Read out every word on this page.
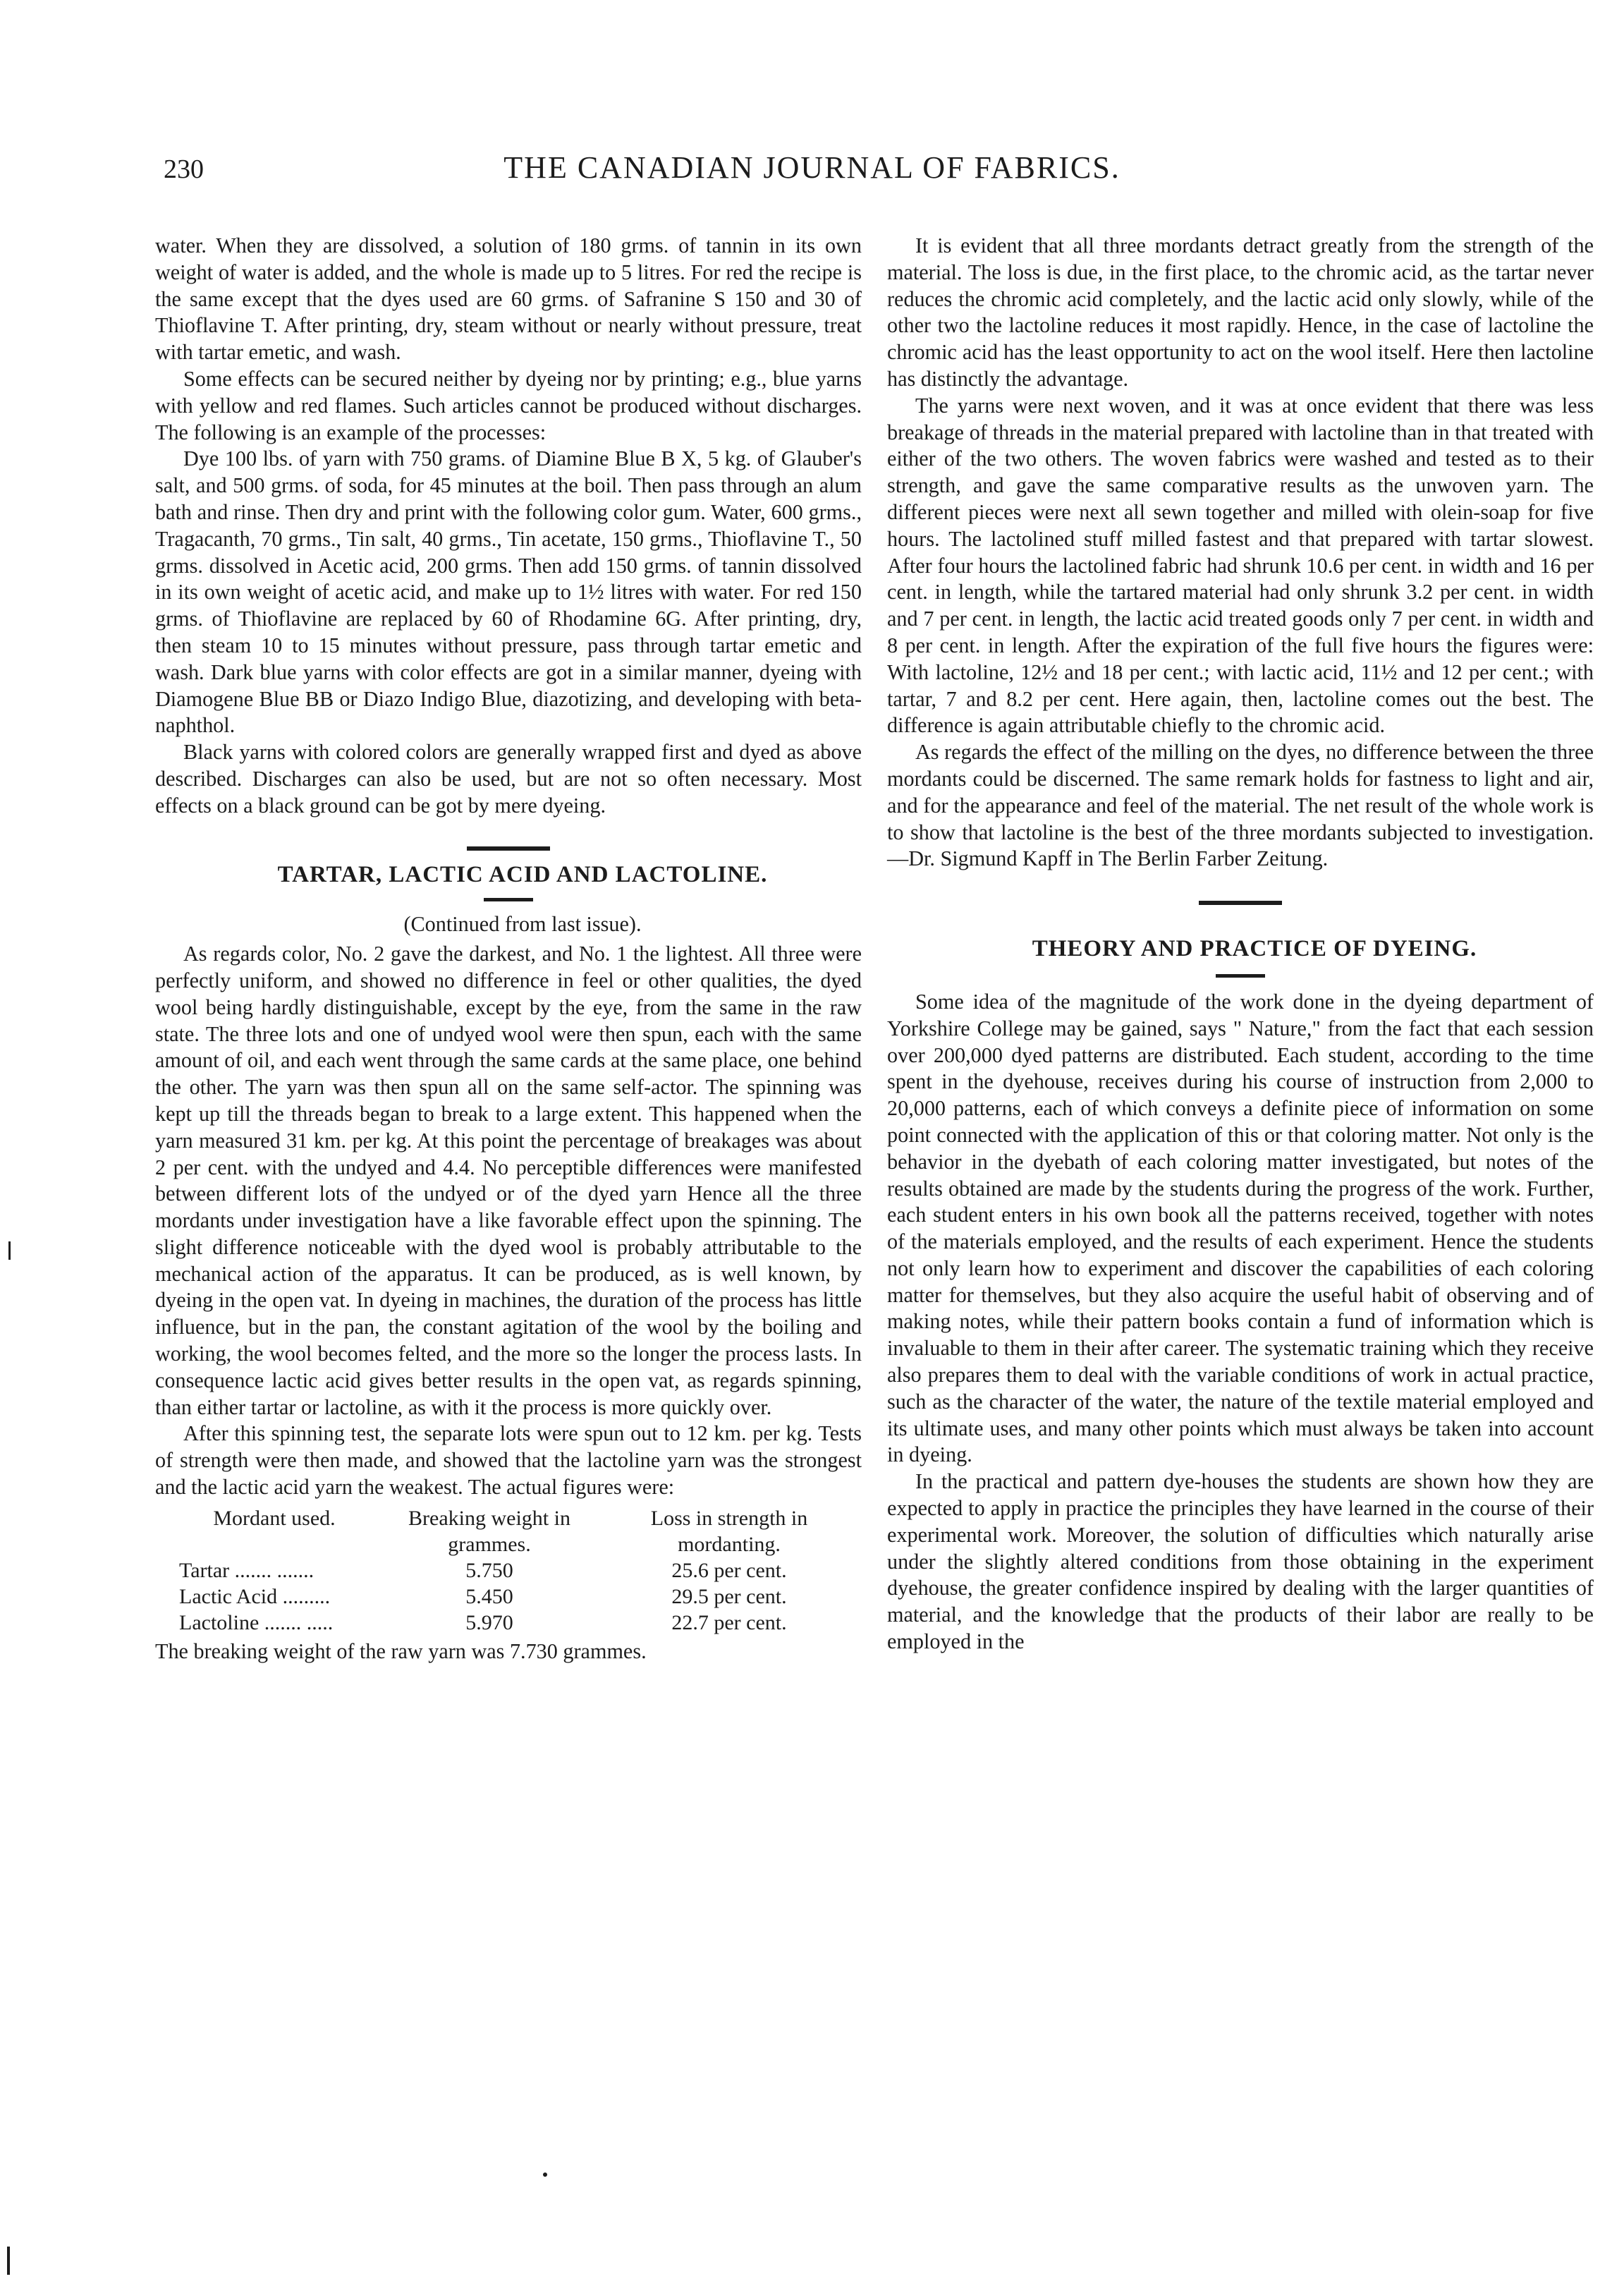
230	THE CANADIAN JOURNAL OF FABRICS.

water. When they are dissolved, a solution of 180 grms. of tannin in its own weight of water is added, and the whole is made up to 5 litres. For red the recipe is the same except that the dyes used are 60 grms. of Safranine S 150 and 30 of Thioflavine T. After printing, dry, steam without or nearly without pressure, treat with tartar emetic, and wash.

Some effects can be secured neither by dyeing nor by printing; e.g., blue yarns with yellow and red flames. Such articles cannot be produced without discharges. The following is an example of the processes:

Dye 100 lbs. of yarn with 750 grams. of Diamine Blue B X, 5 kg. of Glauber's salt, and 500 grms. of soda, for 45 minutes at the boil. Then pass through an alum bath and rinse. Then dry and print with the following color gum. Water, 600 grms., Tragacanth, 70 grms., Tin salt, 40 grms., Tin acetate, 150 grms., Thioflavine T., 50 grms. dissolved in Acetic acid, 200 grms. Then add 150 grms. of tannin dissolved in its own weight of acetic acid, and make up to 1½ litres with water. For red 150 grms. of Thioflavine are replaced by 60 of Rhodamine 6G. After printing, dry, then steam 10 to 15 minutes without pressure, pass through tartar emetic and wash. Dark blue yarns with color effects are got in a similar manner, dyeing with Diamogene Blue BB or Diazo Indigo Blue, diazotizing, and developing with beta-naphthol.

Black yarns with colored colors are generally wrapped first and dyed as above described. Discharges can also be used, but are not so often necessary. Most effects on a black ground can be got by mere dyeing.

TARTAR, LACTIC ACID AND LACTOLINE.

(Continued from last issue).

As regards color, No. 2 gave the darkest, and No. 1 the lightest. All three were perfectly uniform, and showed no difference in feel or other qualities, the dyed wool being hardly distinguishable, except by the eye, from the same in the raw state. The three lots and one of undyed wool were then spun, each with the same amount of oil, and each went through the same cards at the same place, one behind the other. The yarn was then spun all on the same self-actor. The spinning was kept up till the threads began to break to a large extent. This happened when the yarn measured 31 km. per kg. At this point the percentage of breakages was about 2 per cent. with the undyed and 4.4. No perceptible differences were manifested between different lots of the undyed or of the dyed yarn Hence all the three mordants under investigation have a like favorable effect upon the spinning. The slight difference noticeable with the dyed wool is probably attributable to the mechanical action of the apparatus. It can be produced, as is well known, by dyeing in the open vat. In dyeing in machines, the duration of the process has little influence, but in the pan, the constant agitation of the wool by the boiling and working, the wool becomes felted, and the more so the longer the process lasts. In consequence lactic acid gives better results in the open vat, as regards spinning, than either tartar or lactoline, as with it the process is more quickly over.

After this spinning test, the separate lots were spun out to 12 km. per kg. Tests of strength were then made, and showed that the lactoline yarn was the strongest and the lactic acid yarn the weakest. The actual figures were:

Mordant used.	Breaking weight in grammes.	Loss in strength in mordanting.
Tartar ....... .......	5.750	25.6 per cent.
Lactic Acid .........	5.450	29.5 per cent.
Lactoline ....... .....	5.970	22.7 per cent.

The breaking weight of the raw yarn was 7.730 grammes.

It is evident that all three mordants detract greatly from the strength of the material. The loss is due, in the first place, to the chromic acid, as the tartar never reduces the chromic acid completely, and the lactic acid only slowly, while of the other two the lactoline reduces it most rapidly. Hence, in the case of lactoline the chromic acid has the least opportunity to act on the wool itself. Here then lactoline has distinctly the advantage.

The yarns were next woven, and it was at once evident that there was less breakage of threads in the material prepared with lactoline than in that treated with either of the two others. The woven fabrics were washed and tested as to their strength, and gave the same comparative results as the unwoven yarn. The different pieces were next all sewn together and milled with olein-soap for five hours. The lactolined stuff milled fastest and that prepared with tartar slowest. After four hours the lactolined fabric had shrunk 10.6 per cent. in width and 16 per cent. in length, while the tartared material had only shrunk 3.2 per cent. in width and 7 per cent. in length, the lactic acid treated goods only 7 per cent. in width and 8 per cent. in length. After the expiration of the full five hours the figures were: With lactoline, 12½ and 18 per cent.; with lactic acid, 11½ and 12 per cent.; with tartar, 7 and 8.2 per cent. Here again, then, lactoline comes out the best. The difference is again attributable chiefly to the chromic acid.

As regards the effect of the milling on the dyes, no difference between the three mordants could be discerned. The same remark holds for fastness to light and air, and for the appearance and feel of the material. The net result of the whole work is to show that lactoline is the best of the three mordants subjected to investigation.—Dr. Sigmund Kapff in The Berlin Farber Zeitung.

THEORY AND PRACTICE OF DYEING.

Some idea of the magnitude of the work done in the dyeing department of Yorkshire College may be gained, says " Nature," from the fact that each session over 200,000 dyed patterns are distributed. Each student, according to the time spent in the dyehouse, receives during his course of instruction from 2,000 to 20,000 patterns, each of which conveys a definite piece of information on some point connected with the application of this or that coloring matter. Not only is the behavior in the dyebath of each coloring matter investigated, but notes of the results obtained are made by the students during the progress of the work. Further, each student enters in his own book all the patterns received, together with notes of the materials employed, and the results of each experiment. Hence the students not only learn how to experiment and discover the capabilities of each coloring matter for themselves, but they also acquire the useful habit of observing and of making notes, while their pattern books contain a fund of information which is invaluable to them in their after career. The systematic training which they receive also prepares them to deal with the variable conditions of work in actual practice, such as the character of the water, the nature of the textile material employed and its ultimate uses, and many other points which must always be taken into account in dyeing.

In the practical and pattern dye-houses the students are shown how they are expected to apply in practice the principles they have learned in the course of their experimental work. Moreover, the solution of difficulties which naturally arise under the slightly altered conditions from those obtaining in the experiment dyehouse, the greater confidence inspired by dealing with the larger quantities of material, and the knowledge that the products of their labor are really to be employed in the
